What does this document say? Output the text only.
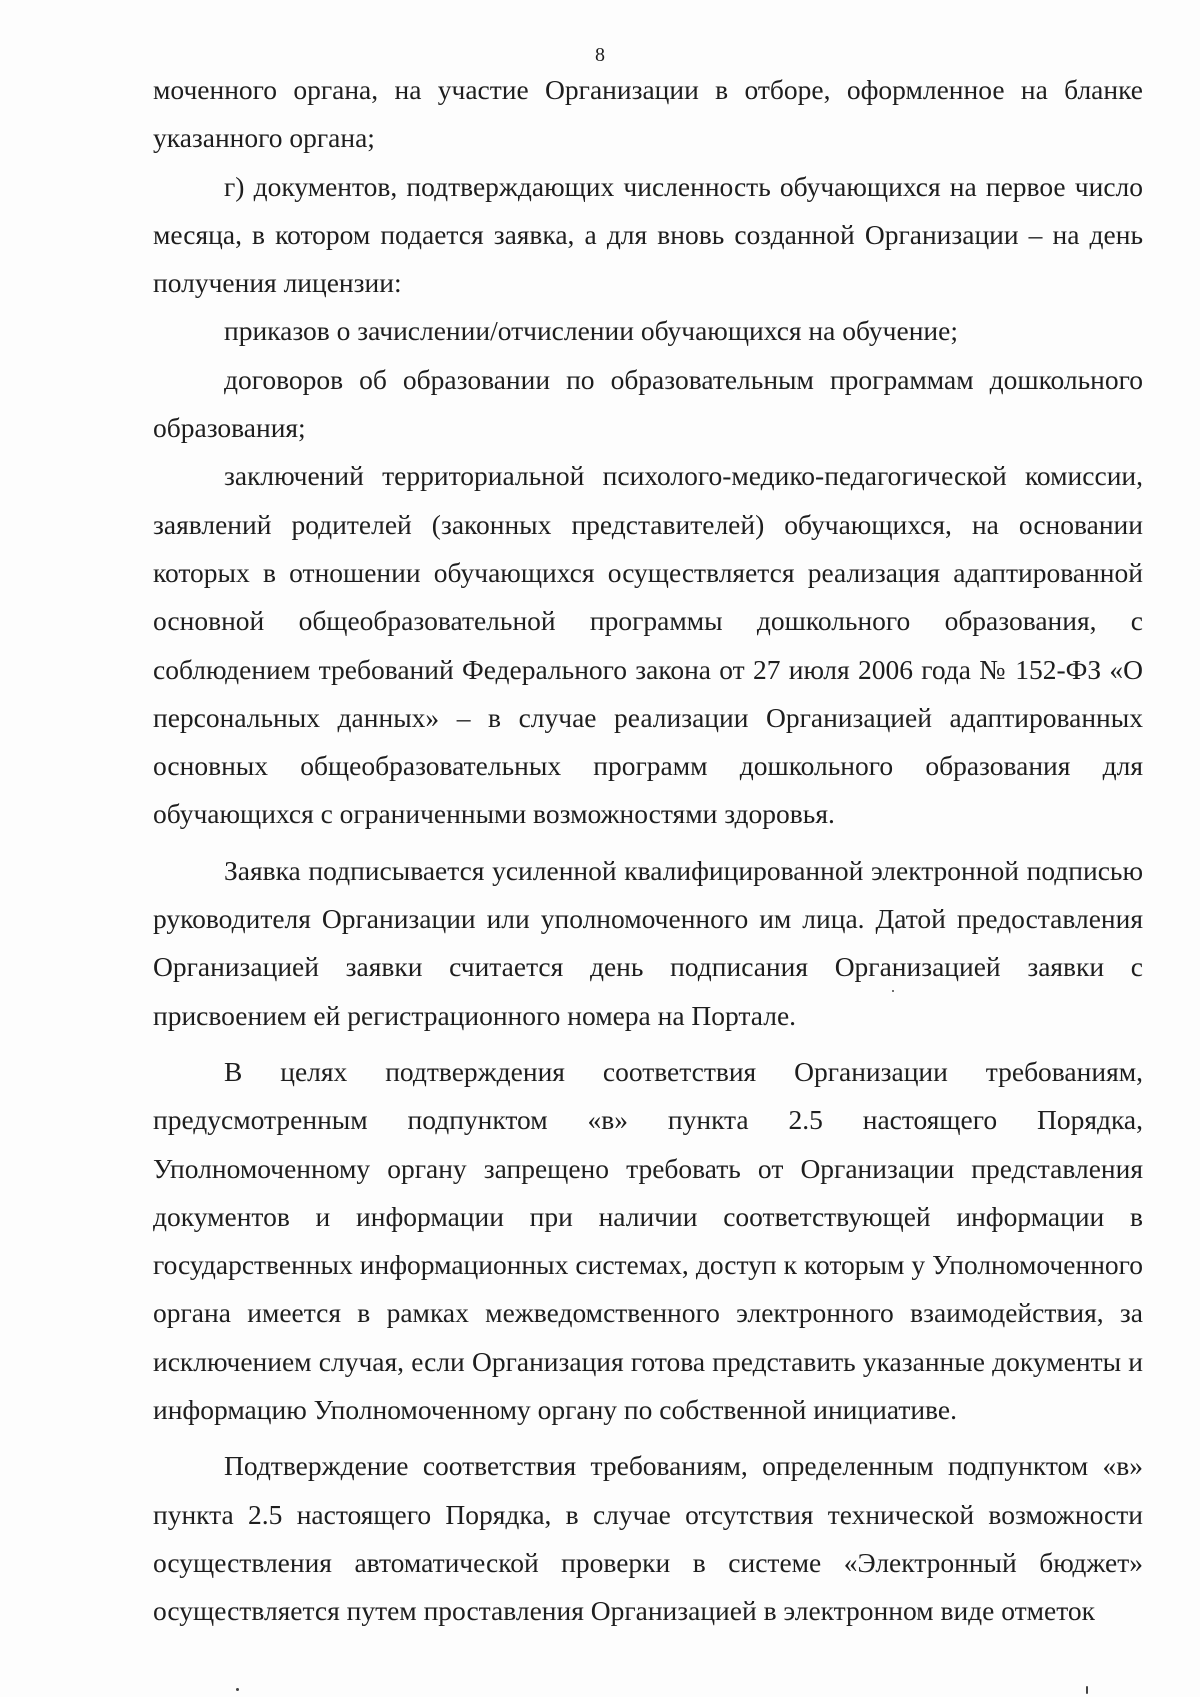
8

моченного органа, на участие Организации в отборе, оформленное на бланке указанного органа;

г) документов, подтверждающих численность обучающихся на первое число месяца, в котором подается заявка, а для вновь созданной Организации – на день получения лицензии:

приказов о зачислении/отчислении обучающихся на обучение;

договоров об образовании по образовательным программам дошкольного образования;

заключений территориальной психолого-медико-педагогической комиссии, заявлений родителей (законных представителей) обучающихся, на основании которых в отношении обучающихся осуществляется реализация адаптированной основной общеобразовательной программы дошкольного образования, с соблюдением требований Федерального закона от 27 июля 2006 года № 152-ФЗ «О персональных данных» – в случае реализации Организацией адаптированных основных общеобразовательных программ дошкольного образования для обучающихся с ограниченными возможностями здоровья.

Заявка подписывается усиленной квалифицированной электронной подписью руководителя Организации или уполномоченного им лица. Датой предоставления Организацией заявки считается день подписания Организацией заявки с присвоением ей регистрационного номера на Портале.

В целях подтверждения соответствия Организации требованиям, предусмотренным подпунктом «в» пункта 2.5 настоящего Порядка, Уполномоченному органу запрещено требовать от Организации представления документов и информации при наличии соответствующей информации в государственных информационных системах, доступ к которым у Уполномоченного органа имеется в рамках межведомственного электронного взаимодействия, за исключением случая, если Организация готова представить указанные документы и информацию Уполномоченному органу по собственной инициативе.

Подтверждение соответствия требованиям, определенным подпунктом «в» пункта 2.5 настоящего Порядка, в случае отсутствия технической возможности осуществления автоматической проверки в системе «Электронный бюджет» осуществляется путем проставления Организацией в электронном виде отметок
